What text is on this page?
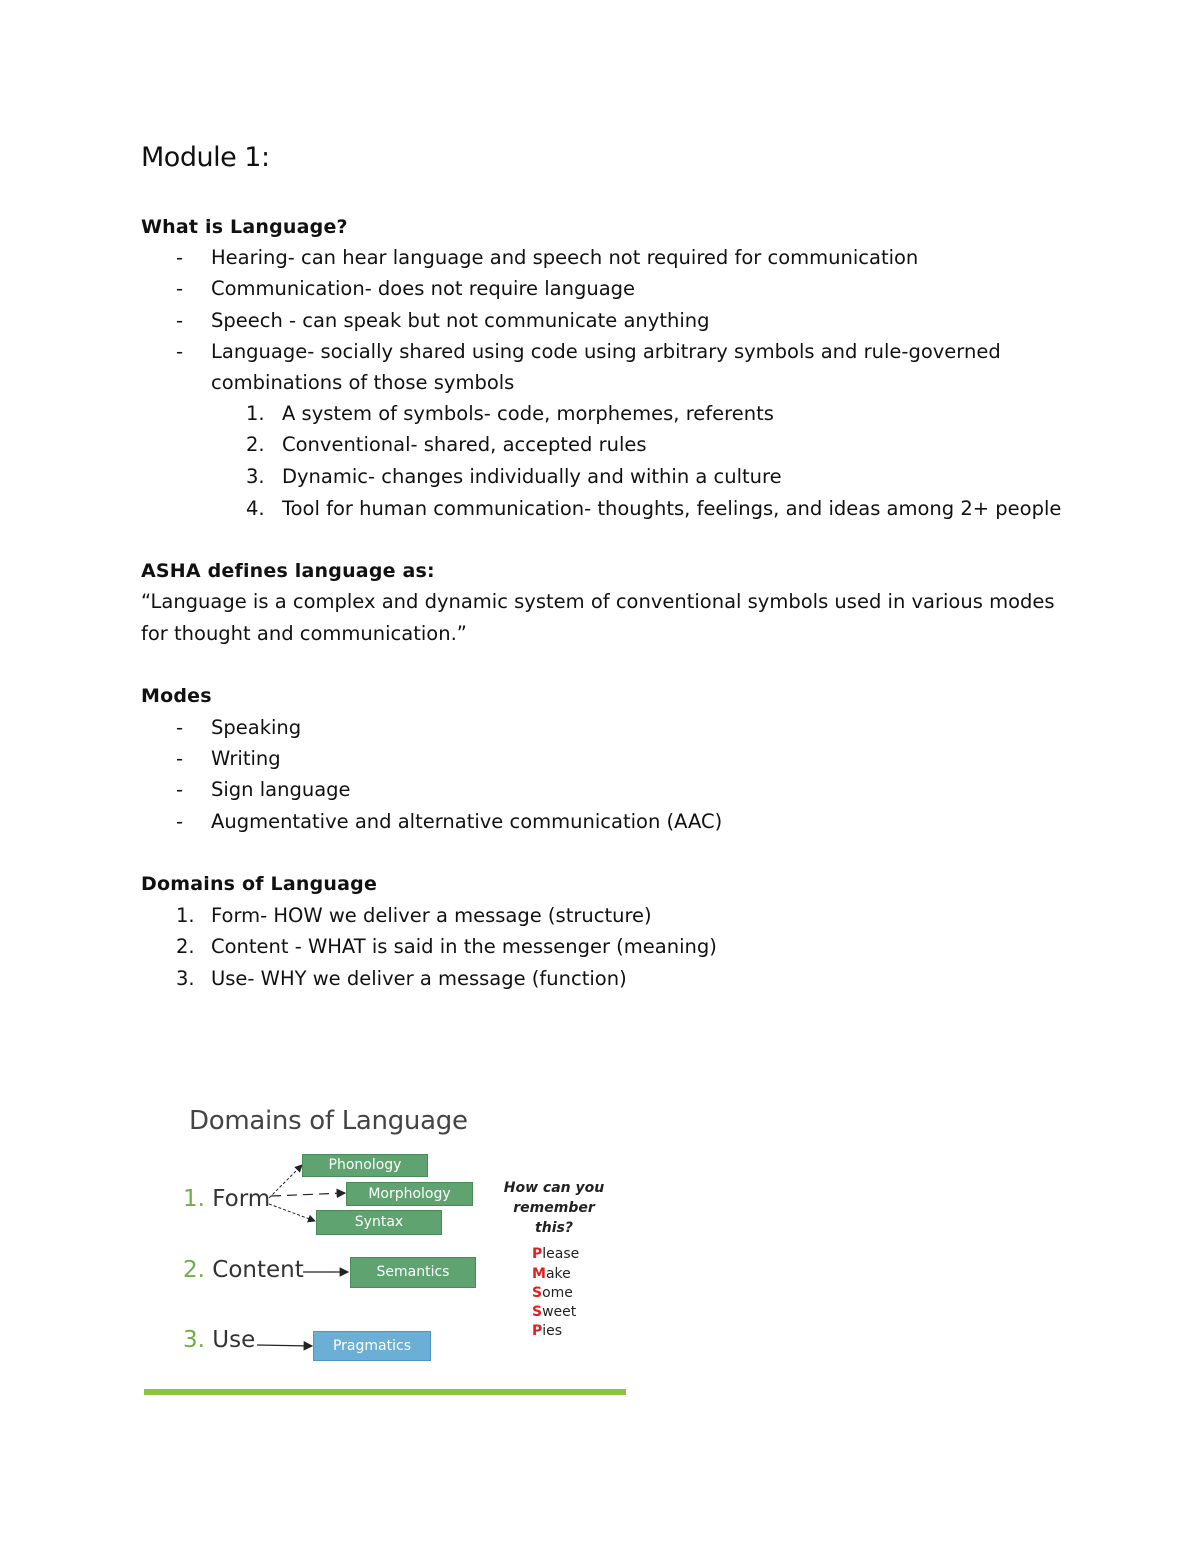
Module 1:
What is Language?
- Hearing- can hear language and speech not required for communication
- Communication- does not require language
- Speech - can speak but not communicate anything
- Language- socially shared using code using arbitrary symbols and rule-governed
combinations of those symbols
1. A system of symbols- code, morphemes, referents
2. Conventional- shared, accepted rules
3. Dynamic- changes individually and within a culture
4. Tool for human communication- thoughts, feelings, and ideas among 2+ people
ASHA defines language as:
“Language is a complex and dynamic system of conventional symbols used in various modes
for thought and communication.”
Modes
- Speaking
- Writing
- Sign language
- Augmentative and alternative communication (AAC)
Domains of Language
1. Form- HOW we deliver a message (structure)
2. Content - WHAT is said in the messenger (meaning)
3. Use- WHY we deliver a message (function)
Domains of Language
1. Form
2. Content
3. Use
Phonology
Morphology
Syntax
Semantics
Pragmatics
How can you remember this?
Please
Make
Some
Sweet
Pies
